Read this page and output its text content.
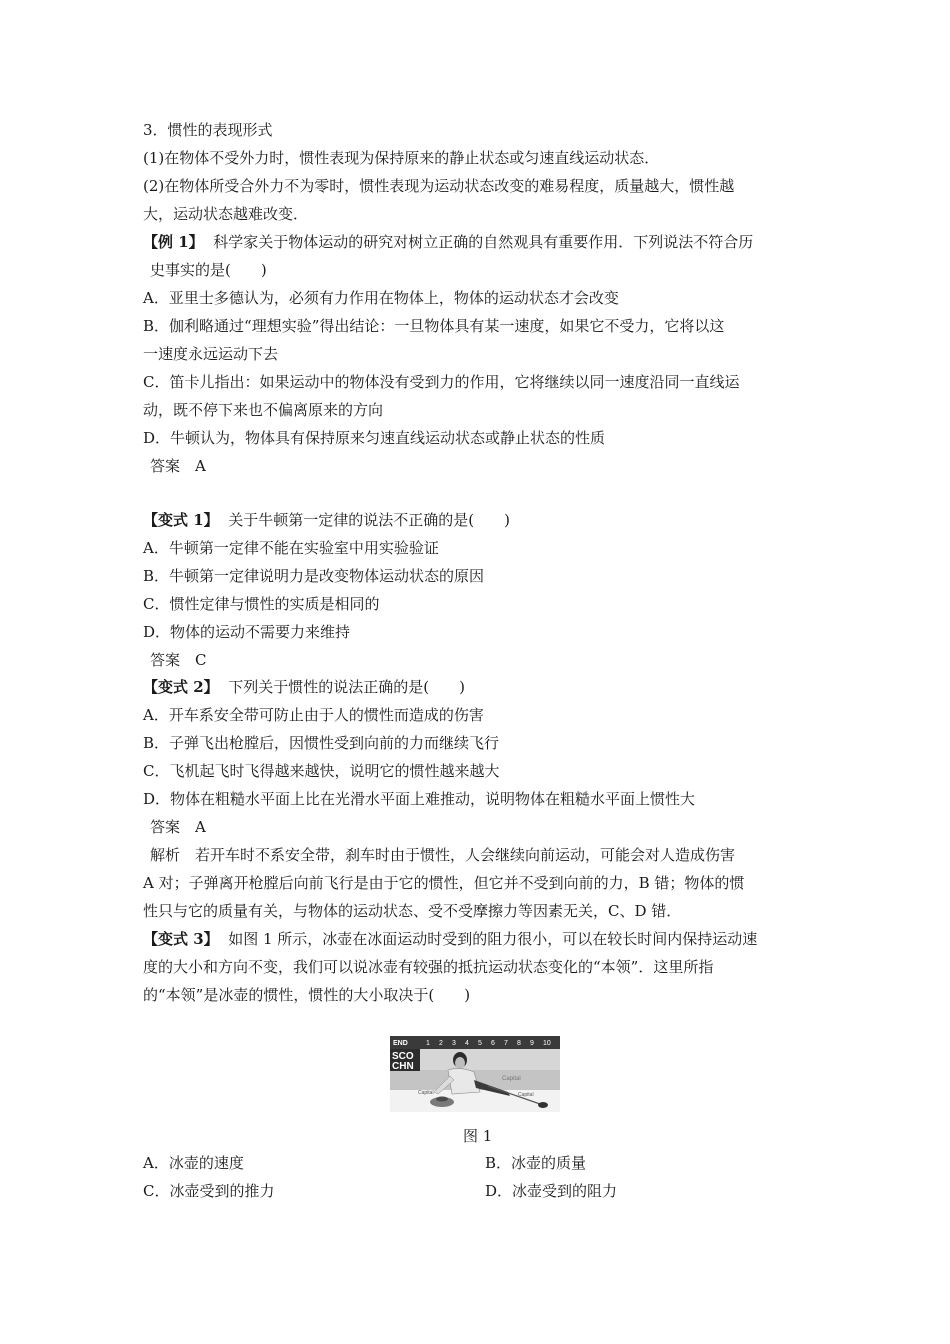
3．惯性的表现形式
(1)在物体不受外力时，惯性表现为保持原来的静止状态或匀速直线运动状态．
(2)在物体所受合外力不为零时，惯性表现为运动状态改变的难易程度，质量越大，惯性越
大，运动状态越难改变．
【例 1】 科学家关于物体运动的研究对树立正确的自然观具有重要作用．下列说法不符合历
史事实的是(　　)
A．亚里士多德认为，必须有力作用在物体上，物体的运动状态才会改变
B．伽利略通过“理想实验”得出结论：一旦物体具有某一速度，如果它不受力，它将以这
一速度永远运动下去
C．笛卡儿指出：如果运动中的物体没有受到力的作用，它将继续以同一速度沿同一直线运
动，既不停下来也不偏离原来的方向
D．牛顿认为，物体具有保持原来匀速直线运动状态或静止状态的性质
答案　A
【变式 1】 关于牛顿第一定律的说法不正确的是(　　)
A．牛顿第一定律不能在实验室中用实验验证
B．牛顿第一定律说明力是改变物体运动状态的原因
C．惯性定律与惯性的实质是相同的
D．物体的运动不需要力来维持
答案　C
【变式 2】 下列关于惯性的说法正确的是(　　)
A．开车系安全带可防止由于人的惯性而造成的伤害
B．子弹飞出枪膛后，因惯性受到向前的力而继续飞行
C．飞机起飞时飞得越来越快，说明它的惯性越来越大
D．物体在粗糙水平面上比在光滑水平面上难推动，说明物体在粗糙水平面上惯性大
答案　A
解析　若开车时不系安全带，刹车时由于惯性，人会继续向前运动，可能会对人造成伤害
A 对；子弹离开枪膛后向前飞行是由于它的惯性，但它并不受到向前的力，B 错；物体的惯
性只与它的质量有关，与物体的运动状态、受不受摩擦力等因素无关，C、D 错．
【变式 3】 如图 1 所示，冰壶在冰面运动时受到的阻力很小，可以在较长时间内保持运动速
度的大小和方向不变，我们可以说冰壶有较强的抵抗运动状态变化的“本领”．这里所指
的“本领”是冰壶的惯性，惯性的大小取决于(　　)
END
SCO
CHN
1 2 3 4 5 6 7 8 9 10
Capital
Capital	Capital
图 1
A．冰壶的速度	B．冰壶的质量
C．冰壶受到的推力	D．冰壶受到的阻力
